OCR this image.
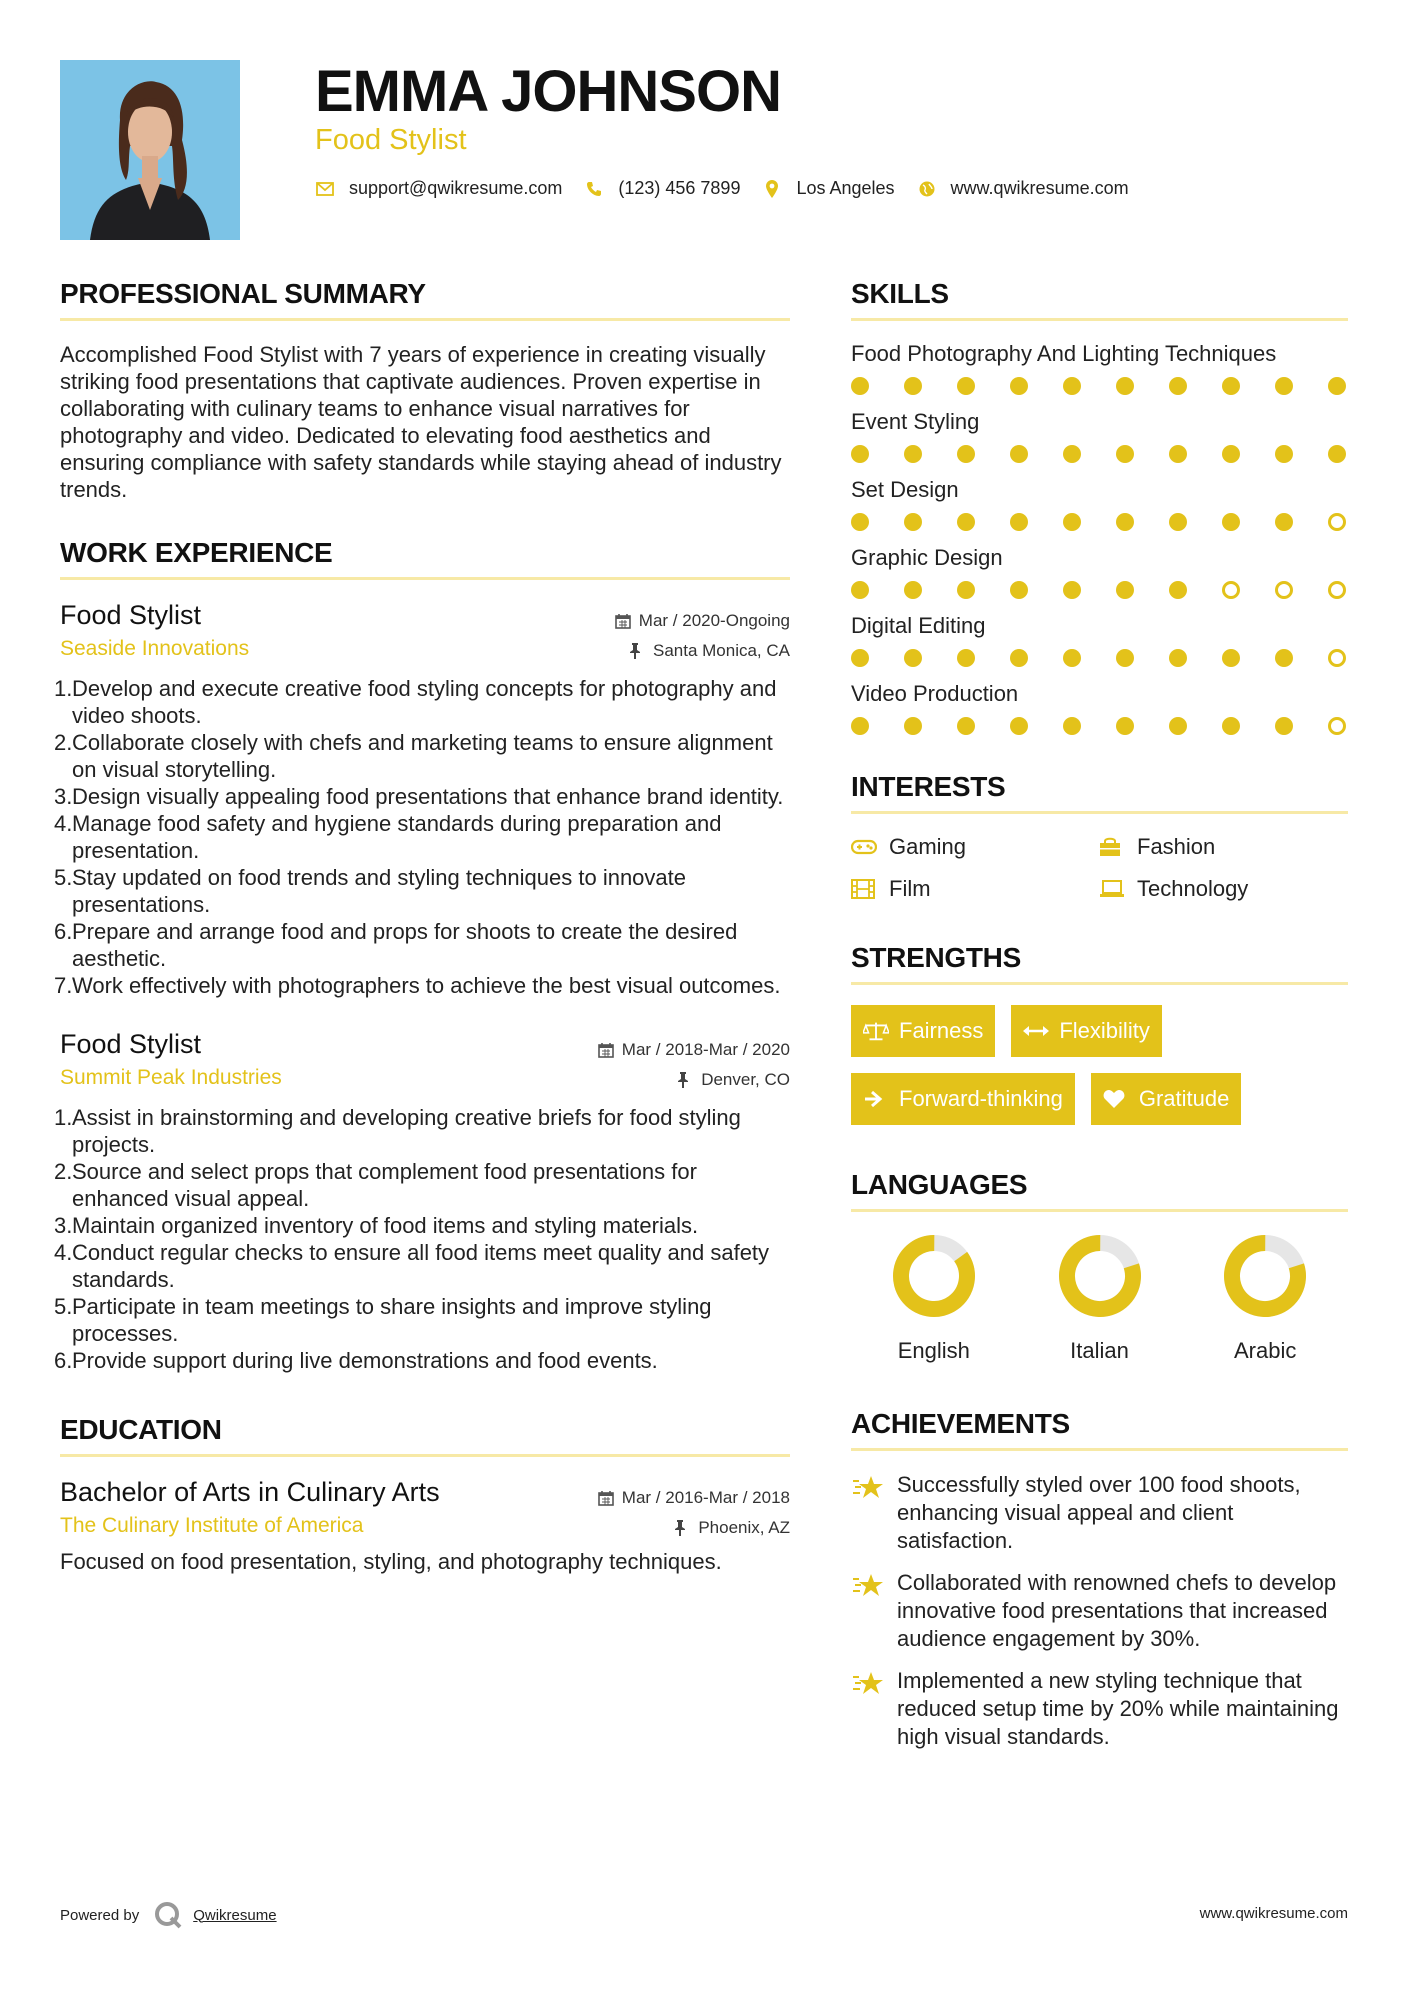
EMMA JOHNSON
Food Stylist
support@qwikresume.com	(123) 456 7899	Los Angeles	www.qwikresume.com
PROFESSIONAL SUMMARY
Accomplished Food Stylist with 7 years of experience in creating visually striking food presentations that captivate audiences. Proven expertise in collaborating with culinary teams to enhance visual narratives for photography and video. Dedicated to elevating food aesthetics and ensuring compliance with safety standards while staying ahead of industry trends.
WORK EXPERIENCE
Food Stylist	Mar / 2020-Ongoing
Seaside Innovations	Santa Monica, CA
1. Develop and execute creative food styling concepts for photography and video shoots.
2. Collaborate closely with chefs and marketing teams to ensure alignment on visual storytelling.
3. Design visually appealing food presentations that enhance brand identity.
4. Manage food safety and hygiene standards during preparation and presentation.
5. Stay updated on food trends and styling techniques to innovate presentations.
6. Prepare and arrange food and props for shoots to create the desired aesthetic.
7. Work effectively with photographers to achieve the best visual outcomes.
Food Stylist	Mar / 2018-Mar / 2020
Summit Peak Industries	Denver, CO
1. Assist in brainstorming and developing creative briefs for food styling projects.
2. Source and select props that complement food presentations for enhanced visual appeal.
3. Maintain organized inventory of food items and styling materials.
4. Conduct regular checks to ensure all food items meet quality and safety standards.
5. Participate in team meetings to share insights and improve styling processes.
6. Provide support during live demonstrations and food events.
EDUCATION
Bachelor of Arts in Culinary Arts	Mar / 2016-Mar / 2018
The Culinary Institute of America	Phoenix, AZ
Focused on food presentation, styling, and photography techniques.
SKILLS
Food Photography And Lighting Techniques
Event Styling
Set Design
Graphic Design
Digital Editing
Video Production
INTERESTS
Gaming	Fashion
Film	Technology
STRENGTHS
Fairness	Flexibility
Forward-thinking	Gratitude
LANGUAGES
English	Italian	Arabic
ACHIEVEMENTS
Successfully styled over 100 food shoots, enhancing visual appeal and client satisfaction.
Collaborated with renowned chefs to develop innovative food presentations that increased audience engagement by 30%.
Implemented a new styling technique that reduced setup time by 20% while maintaining high visual standards.
Powered by	Qwikresume	www.qwikresume.com
